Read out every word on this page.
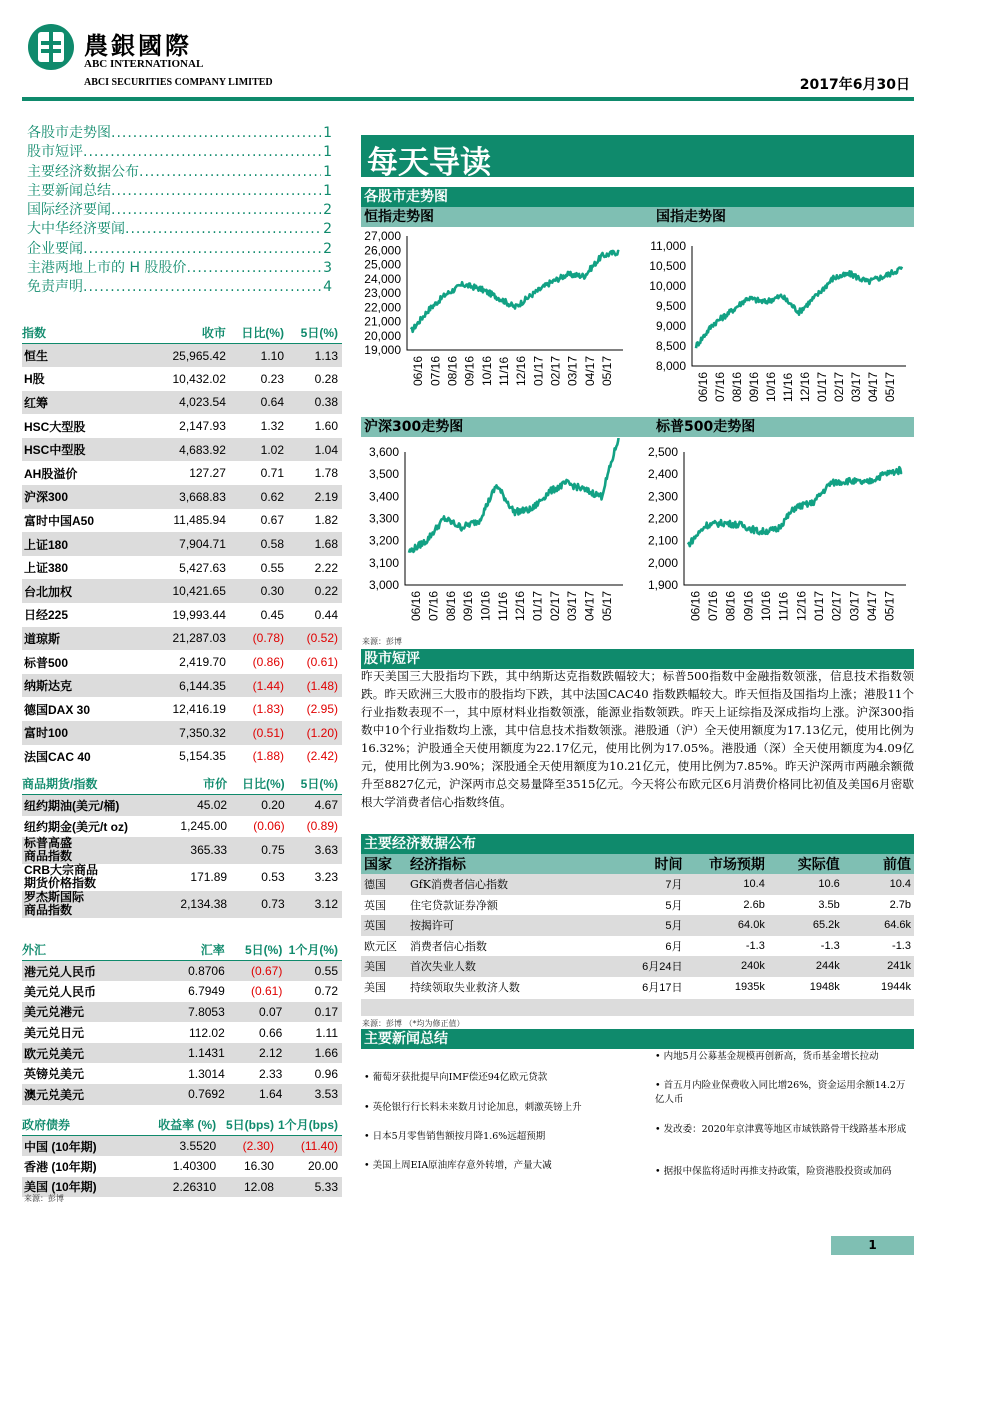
農銀國際
ABC INTERNATIONAL
ABCI SECURITIES COMPANY LIMITED	2017年6月30日
各股市走势图 .....	1
股市短评 .....	1
主要经济数据公布 .....	1
主要新闻总结 .....	1
国际经济要闻 .....	2
大中华经济要闻 .....	2
企业要闻 .....	2
主港两地上市的 H 股股价 .....	3
免责声明 .....	4
指数	收市	日比(%)	5日(%)
恒生	25,965.42	1.10	1.13
H股	10,432.02	0.23	0.28
红筹	4,023.54	0.64	0.38
HSC大型股	2,147.93	1.32	1.60
HSC中型股	4,683.92	1.02	1.04
AH股溢价	127.27	0.71	1.78
沪深300	3,668.83	0.62	2.19
富时中国A50	11,485.94	0.67	1.82
上证180	7,904.71	0.58	1.68
上证380	5,427.63	0.55	2.22
台北加权	10,421.65	0.30	0.22
日经225	19,993.44	0.45	0.44
道琼斯	21,287.03	(0.78)	(0.52)
标普500	2,419.70	(0.86)	(0.61)
纳斯达克	6,144.35	(1.44)	(1.48)
德国DAX 30	12,416.19	(1.83)	(2.95)
富时100	7,350.32	(0.51)	(1.20)
法国CAC 40	5,154.35	(1.88)	(2.42)
商品期货/指数	市价	日比(%)	5日(%)
纽约期油(美元/桶)	45.02	0.20	4.67
纽约期金(美元/t oz)	1,245.00	(0.06)	(0.89)
标普高盛
商品指数	365.33	0.75	3.63
CRB大宗商品
期货价格指数	171.89	0.53	3.23
罗杰斯国际
商品指数	2,134.38	0.73	3.12
外汇	汇率	5日(%)	1个月(%)
港元兑人民币	0.8706	(0.67)	0.55
美元兑人民币	6.7949	(0.61)	0.72
美元兑港元	7.8053	0.07	0.17
美元兑日元	112.02	0.66	1.11
欧元兑美元	1.1431	2.12	1.66
英镑兑美元	1.3014	2.33	0.96
澳元兑美元	0.7692	1.64	3.53
政府债券	收益率 (%)	5日(bps)	1个月(bps)
中国 (10年期)	3.5520	(2.30)	(11.40)
香港 (10年期)	1.40300	16.30	20.00
美国 (10年期)	2.26310	12.08	5.33
来源：彭博
每天导读
各股市走势图
恒指走势图	国指走势图
19,000
20,000
21,000
22,000
23,000
24,000
25,000
26,000
27,000
06/16 07/16 08/16 09/16 10/16 11/16 12/16 01/17 02/17 03/17 04/17 05/17	8,000
8,500
9,000
9,500
10,000
10,500
11,000
06/16 07/16 08/16 09/16 10/16 11/16 12/16 01/17 02/17 03/17 04/17 05/17
沪深300走势图	标普500走势图
3,000
3,100
3,200
3,300
3,400
3,500
3,600
06/16 07/16 08/16 09/16 10/16 11/16 12/16 01/17 02/17 03/17 04/17 05/17
1,900
2,000
2,100
2,200
2,300
2,400
2,500
06/16 07/16 08/16 09/16 10/16 11/16 12/16 01/17 02/17 03/17 04/17 05/17
来源：彭博
股市短评
昨天美国三大股指均下跌，其中纳斯达克指数跌幅较大；标普500指数中金融指数领涨，信息技术指数领跌。昨天欧洲三大股市的股指均下跌，其中法国CAC40 指数跌幅较大。昨天恒指及国指均上涨；港股11个行业指数表现不一，其中原材料业指数领涨，能源业指数领跌。昨天上证综指及深成指均上涨。沪深300指数中10个行业指数均上涨，其中信息技术指数领涨。港股通（沪）全天使用额度为17.13亿元，使用比例为16.32%；沪股通全天使用额度为22.17亿元，使用比例为17.05%。港股通（深）全天使用额度为4.09亿元，使用比例为3.90%；深股通全天使用额度为10.21亿元，使用比例为7.85%。昨天沪深两市两融余额微升至8827亿元，沪深两市总交易量降至3515亿元。今天将公布欧元区6月消费价格同比初值及美国6月密歇根大学消费者信心指数终值。
主要经济数据公布
国家	经济指标	时间	市场预期	实际值	前值
德国	GfK消费者信心指数	7月	10.4	10.6	10.4
英国	住宅贷款证券净额	5月	2.6b	3.5b	2.7b
英国	按揭许可	5月	64.0k	65.2k	64.6k
欧元区	消费者信心指数	6月	-1.3	-1.3	-1.3
美国	首次失业人数	6月24日	240k	244k	241k
美国	持续领取失业救济人数	6月17日	1935k	1948k	1944k
来源：彭博 （*均为修正值）
主要新闻总结
• 葡萄牙获批提早向IMF偿还94亿欧元贷款
• 英伦银行行长料未来数月讨论加息，刺激英镑上升
• 日本5月零售销售额按月降1.6%远超预期
• 美国上周EIA原油库存意外转增，产量大减
• 内地5月公募基金规模再创新高，货币基金增长拉动
• 首五月内险业保费收入同比增26%，资金运用余额14.2万亿人币
• 发改委：2020年京津冀等地区市域铁路骨干线路基本形成
• 据报中保监将适时再推支持政策，险资港股投资或加码
1
